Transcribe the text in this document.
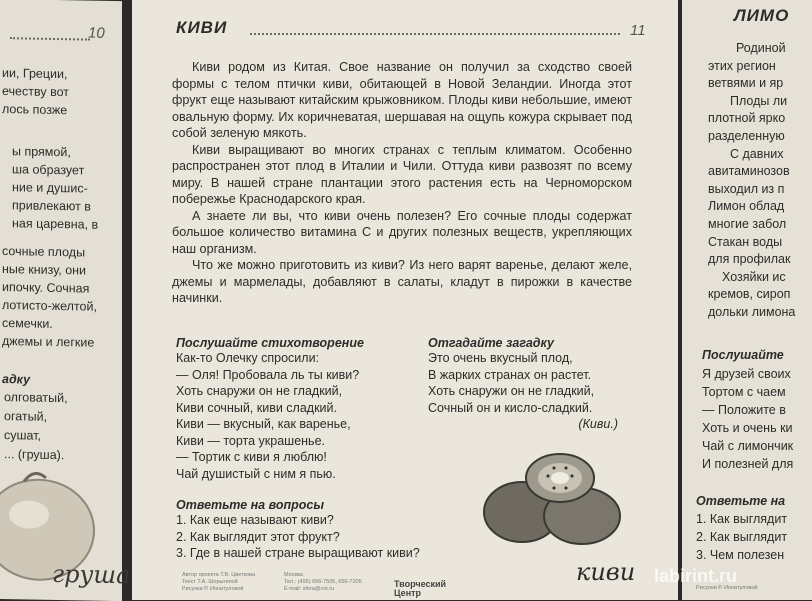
10
ии, Греции,
ечеству вот
лось позже
ы прямой,
ша образует
ние и душис-
привлекают в
ная царевна, в
сочные плоды
ные книзу, они
ипочку. Сочная
лотисто-желтой,
семечки.
джемы и легкие
адку
олговатый,
огатый,
сушат,
... (груша).
груша
КИВИ	11

Киви родом из Китая. Свое название он получил за сходство своей формы с телом птички киви, обитающей в Новой Зеландии. Иногда этот фрукт еще называют китайским крыжовником. Плоды киви небольшие, имеют овальную форму. Их коричневатая, шершавая на ощупь кожура скрывает под собой зеленую мякоть.

Киви выращивают во многих странах с теплым климатом. Особенно распространен этот плод в Италии и Чили. Оттуда киви развозят по всему миру. В нашей стране плантации этого растения есть на Черноморском побережье Краснодарского края.

А знаете ли вы, что киви очень полезен? Его сочные плоды содержат большое количество витамина С и других полезных веществ, укрепляющих наш организм.

Что же можно приготовить из киви? Из него варят варенье, делают желе, джемы и мармелады, добавляют в салаты, кладут в пирожки в качестве начинки.

Послушайте стихотворение
Как-то Олечку спросили:
— Оля! Пробовала ль ты киви?
Хоть снаружи он не гладкий,
Киви сочный, киви сладкий.
Киви — вкусный, как варенье,
Киви — торта украшенье.
— Тортик с киви я люблю!
Чай душистый с ним я пью.
Отгадайте загадку
Это очень вкусный плод,
В жарких странах он растет.
Хоть снаружи он не гладкий,
Сочный он и кисло-сладкий.
(Киви.)
Ответьте на вопросы
1. Как еще называют киви?
2. Как выглядит этот фрукт?
3. Где в нашей стране выращивают киви?
киви
Автор проекта Т.В. Цветкова
Текст Т.А. Шорыгиной
Рисунки Р. Ионатуловой
Москва
Тел.: (495) 656-7505, 656-7205
E-mail: sfera@cnt.ru	Творческий Центр
ЛИМО
Родиной
этих регион
ветвями и яр
Плоды ли
плотной ярко
разделенную
С давних
авитаминозов
выходил из п
Лимон облад
многие забол
Стакан воды
для профилак
Хозяйки ис
кремов, сироп
дольки лимона
Послушайте
Я друзей своих
Тортом с чаем
— Положите в
Хоть и очень ки
Чай с лимончик
И полезней для
Ответьте на
1. Как выглядит
2. Как выглядит
3. Чем полезен
Рисунки Р. Ионатуловой
labirint.ru
